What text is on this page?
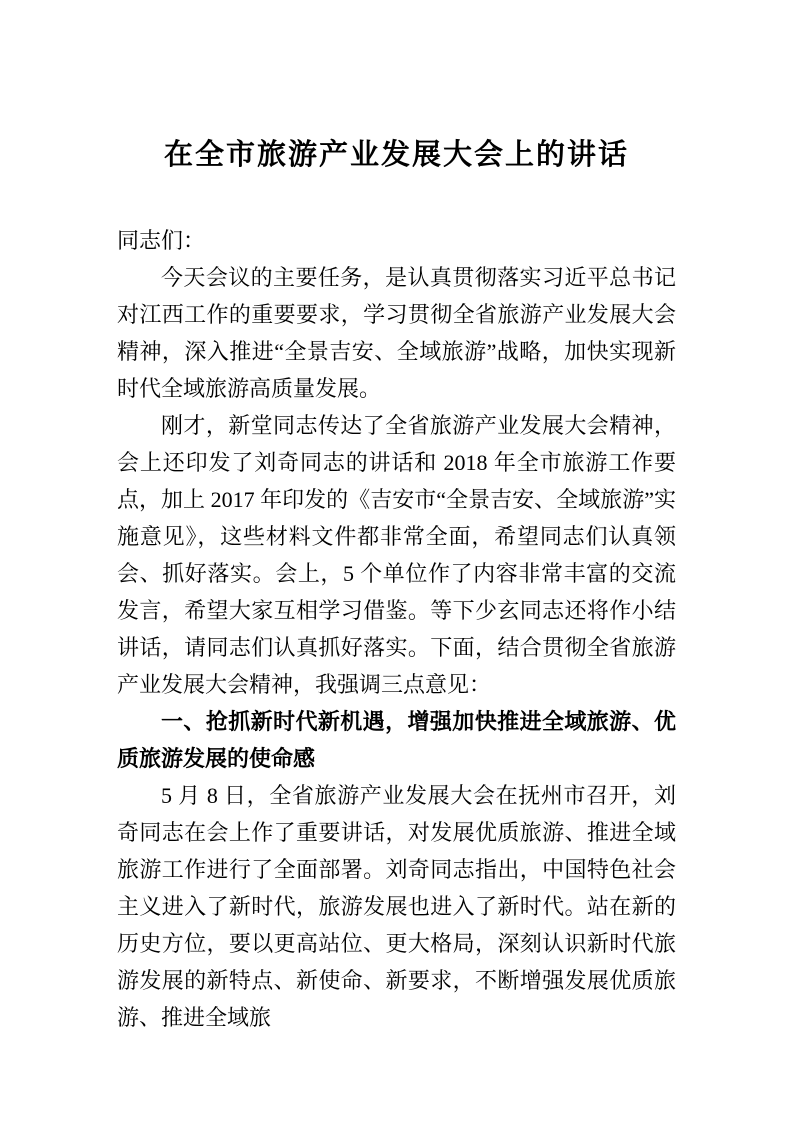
在全市旅游产业发展大会上的讲话

同志们：

今天会议的主要任务，是认真贯彻落实习近平总书记对江西工作的重要要求，学习贯彻全省旅游产业发展大会精神，深入推进“全景吉安、全域旅游”战略，加快实现新时代全域旅游高质量发展。

刚才，新堂同志传达了全省旅游产业发展大会精神，会上还印发了刘奇同志的讲话和 2018 年全市旅游工作要点，加上 2017 年印发的《吉安市“全景吉安、全域旅游”实施意见》，这些材料文件都非常全面，希望同志们认真领会、抓好落实。会上，5 个单位作了内容非常丰富的交流发言，希望大家互相学习借鉴。等下少玄同志还将作小结讲话，请同志们认真抓好落实。下面，结合贯彻全省旅游产业发展大会精神，我强调三点意见：

一、抢抓新时代新机遇，增强加快推进全域旅游、优质旅游发展的使命感

5 月 8 日，全省旅游产业发展大会在抚州市召开，刘奇同志在会上作了重要讲话，对发展优质旅游、推进全域旅游工作进行了全面部署。刘奇同志指出，中国特色社会主义进入了新时代，旅游发展也进入了新时代。站在新的历史方位，要以更高站位、更大格局，深刻认识新时代旅游发展的新特点、新使命、新要求，不断增强发展优质旅游、推进全域旅
